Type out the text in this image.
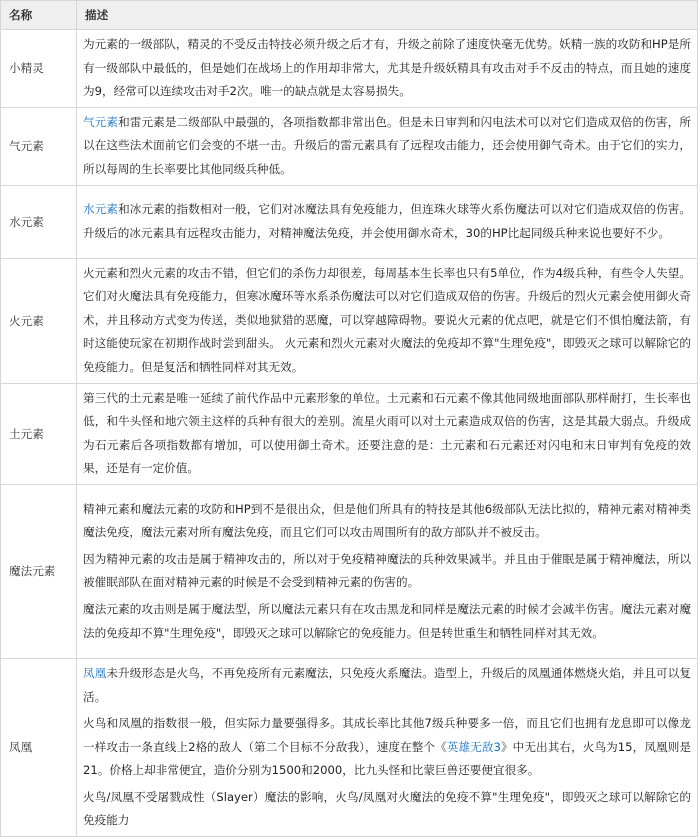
名称	描述
小精灵	为元素的一级部队，精灵的不受反击特技必须升级之后才有，升级之前除了速度快毫无优势。妖精一族的攻防和HP是所有一级部队中最低的，但是她们在战场上的作用却非常大，尤其是升级妖精具有攻击对手不反击的特点，而且她的速度为9，经常可以连续攻击对手2次。唯一的缺点就是太容易损失。

气元素	气元素和雷元素是二级部队中最强的，各项指数都非常出色。但是未日审判和闪电法术可以对它们造成双倍的伤害，所以在这些法术面前它们会变的不堪一击。升级后的雷元素具有了远程攻击能力，还会使用御气奇术。由于它们的实力，所以每周的生长率要比其他同级兵种低。

水元素	水元素和冰元素的指数相对一般，它们对冰魔法具有免疫能力，但连珠火球等火系伤魔法可以对它们造成双倍的伤害。升级后的冰元素具有远程攻击能力，对精神魔法免疫，并会使用御水奇术，30的HP比起同级兵种来说也要好不少。

火元素	火元素和烈火元素的攻击不错，但它们的杀伤力却很差，每周基本生长率也只有5单位，作为4级兵种，有些令人失望。它们对火魔法具有免疫能力，但寒冰魔环等水系杀伤魔法可以对它们造成双倍的伤害。升级后的烈火元素会使用御火奇术，并且移动方式变为传送，类似地狱猎的恶魔，可以穿越障碍物。要说火元素的优点吧，就是它们不惧怕魔法箭，有时这能使玩家在初期作战时尝到甜头。 火元素和烈火元素对火魔法的免疫却不算"生理免疫"，即毁灭之球可以解除它的免疫能力。但是复活和牺牲同样对其无效。

土元素	第三代的土元素是唯一延续了前代作品中元素形象的单位。土元素和石元素不像其他同级地面部队那样耐打，生长率也低，和牛头怪和地穴领主这样的兵种有很大的差别。流星火雨可以对土元素造成双倍的伤害，这是其最大弱点。升级成为石元素后各项指数都有增加，可以使用御土奇术。还要注意的是：土元素和石元素还对闪电和末日审判有免疫的效果，还是有一定价值。

魔法元素	精神元素和魔法元素的攻防和HP到不是很出众，但是他们所具有的特技是其他6级部队无法比拟的，精神元素对精神类魔法免疫，魔法元素对所有魔法免疫，而且它们可以攻击周围所有的敌方部队并不被反击。

因为精神元素的攻击是属于精神攻击的，所以对于免疫精神魔法的兵种效果减半。并且由于催眠是属于精神魔法，所以被催眠部队在面对精神元素的时候是不会受到精神元素的伤害的。

魔法元素的攻击则是属于魔法型，所以魔法元素只有在攻击黑龙和同样是魔法元素的时候才会减半伤害。魔法元素对魔法的免疫却不算"生理免疫"，即毁灭之球可以解除它的免疫能力。但是转世重生和牺牲同样对其无效。

凤凰	凤凰未升级形态是火鸟，不再免疫所有元素魔法，只免疫火系魔法。造型上，升级后的凤凰通体燃烧火焰，并且可以复活。

火鸟和凤凰的指数很一般，但实际力量要强得多。其成长率比其他7级兵种要多一倍，而且它们也拥有龙息即可以像龙一样攻击一条直线上2格的敌人（第二个目标不分敌我），速度在整个《英雄无敌3》中无出其右，火鸟为15，凤凰则是21。价格上却非常便宜，造价分别为1500和2000，比九头怪和比蒙巨兽还要便宜很多。

火鸟/凤凰不受屠戮成性（Slayer）魔法的影响，火鸟/凤凰对火魔法的免疫不算"生理免疫"，即毁灭之球可以解除它的免疫能力
